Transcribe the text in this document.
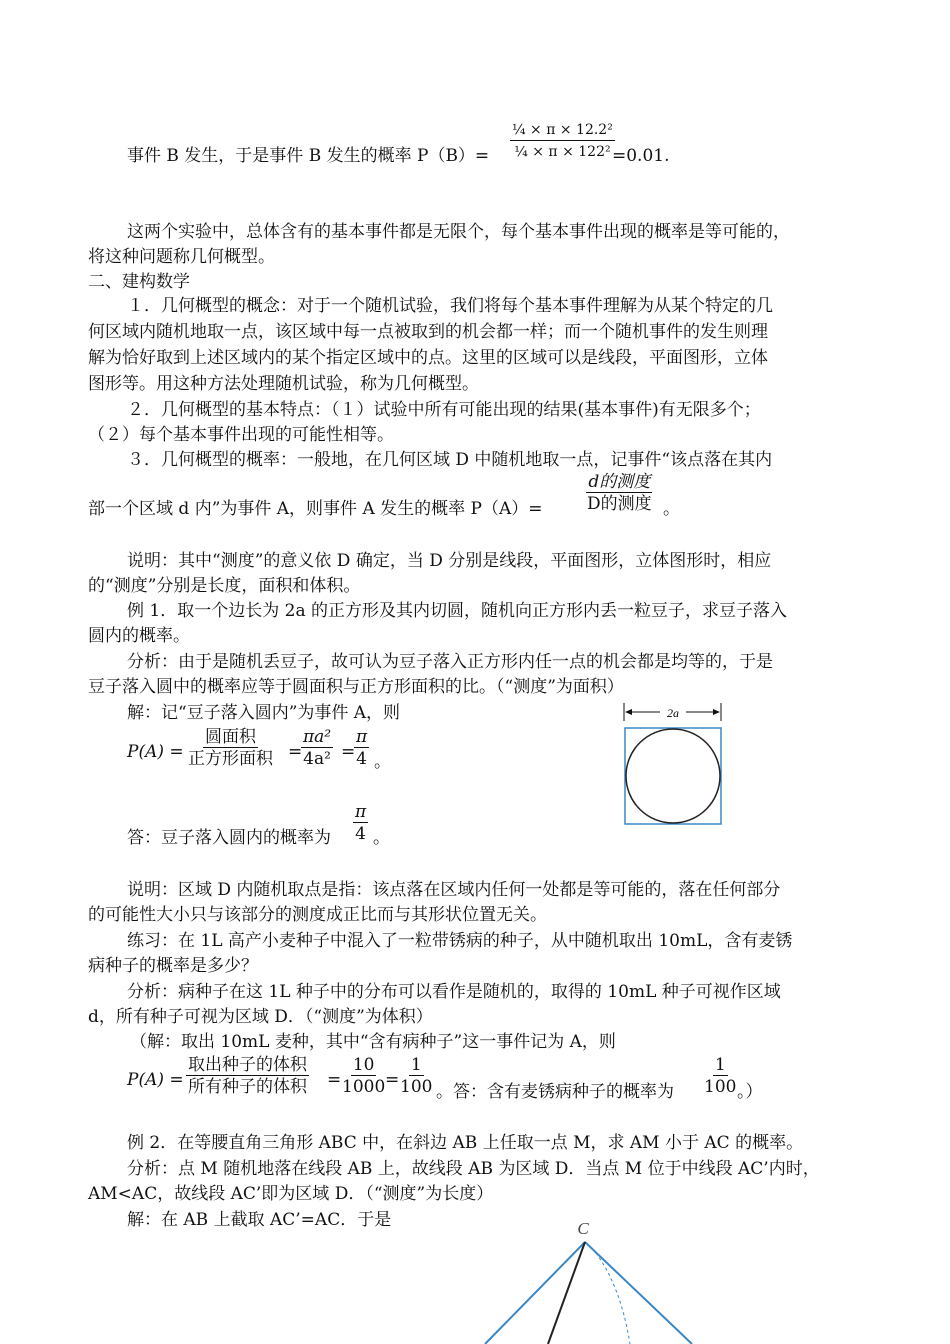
事件 B 发生，于是事件 B 发生的概率 $P(B)= \frac{\text{¼ × π × 12.2²}}{\text{¼ × π × 122²}}$
=0.01.
这两个实验中，总体含有的基本事件都是无限个，每个基本事件出现的概率是等可能的，
将这种问题称几何概型。
二、建构数学
１．几何概型的概念：对于一个随机试验，我们将每个基本事件理解为从某个特定的几
何区域内随机地取一点，该区域中每一点被取到的机会都一样；而一个随机事件的发生则理
解为恰好取到上述区域内的某个指定区域中的点。这里的区域可以是线段，平面图形，立体
图形等。用这种方法处理随机试验，称为几何概型。
２．几何概型的基本特点：（１）试验中所有可能出现的结果(基本事件)有无限多个；
（２）每个基本事件出现的可能性相等。
３．几何概型的概率：一般地，在几何区域 D 中随机地取一点，记事件“该点落在其内
部一个区域 d 内”为事件 A，则事件 A 发生的概率 P（A）=
d的测度
D的测度 。
说明：其中“测度”的意义依 D 确定，当 D 分别是线段，平面图形，立体图形时，相应
的“测度”分别是长度，面积和体积。
例 1．取一个边长为 2a 的正方形及其内切圆，随机向正方形内丢一粒豆子，求豆子落入
圆内的概率。
分析：由于是随机丢豆子，故可认为豆子落入正方形内任一点的机会都是均等的，于是
豆子落入圆中的概率应等于圆面积与正方形面积的比。（“测度”为面积）
解：记“豆子落入圆内”为事件 A，则
P(A) =
圆面积
正方形面积 =
$\frac{\text{πa²}}{\text{4a²}}$ =
$\frac{\pi}{4}$ 。
2a
答：豆子落入圆内的概率为 $\frac{\pi}{4}$ 。
说明：区域 D 内随机取点是指：该点落在区域内任何一处都是等可能的，落在任何部分
的可能性大小只与该部分的测度成正比而与其形状位置无关。
练习：在 1L 高产小麦种子中混入了一粒带锈病的种子，从中随机取出 10mL，含有麦锈
病种子的概率是多少？
分析：病种子在这 1L 种子中的分布可以看作是随机的，取得的 10mL 种子可视作区域
d，所有种子可视为区域 D．（“测度”为体积）
（解：取出 10mL 麦种，其中“含有病种子”这一事件记为 A，则
P(A) =
取出种子的体积
所有种子的体积 =
$\frac{10}{1000}$
=
$\frac{1}{100}$ 。答：含有麦锈病种子的概率为 $\frac{1}{100}$
。）
例 2．在等腰直角三角形 ABC 中，在斜边 AB 上任取一点 M，求 AM 小于 AC 的概率。
分析：点 M 随机地落在线段 AB 上，故线段 AB 为区域 D．当点 M 位于中线段 AC’内时，
AM<AC，故线段 AC’即为区域 D．（“测度”为长度）
解：在 AB 上截取 AC’=AC．于是	C
